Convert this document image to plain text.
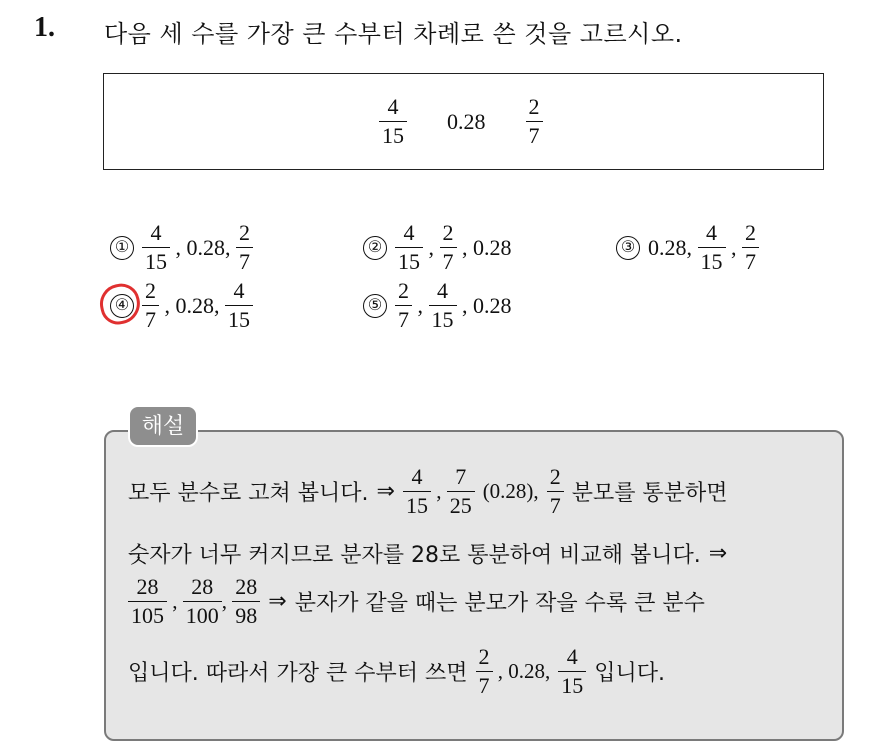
1. 다음 세 수를 가장 큰 수부터 차례로 쓴 것을 고르시오.
$\frac{4}{15} 0.28 \frac{2}{7}$
① $\frac{4}{15}$ , 0.28 , $\frac{2}{7}$	② $\frac{4}{15}$ , $\frac{2}{7}$ , 0.28	③ 0.28 , $\frac{4}{15}$ , $\frac{2}{7}$
④ $\frac{2}{7}$ , 0.28 , $\frac{4}{15}$	⑤ $\frac{2}{7}$ , $\frac{4}{15}$ , 0.28
해설
모두 분수로 고쳐 봅니다. ⇒ $\frac{4}{15}$ , $\frac{7}{25} (0.28)$, $\frac{2}{7}$ 분모를 통분하면
숫자가 너무 커지므로 분자를 28로 통분하여 비교해 봅니다. ⇒
$\frac{28}{105}$ , $\frac{28}{100}$ , $\frac{28}{98}$ ⇒ 분자가 같을 때는 분모가 작을 수록 큰 분수
입니다. 따라서 가장 큰 수부터 쓰면 $\frac{2}{7}$ , 0.28, $\frac{4}{15}$ 입니다.
